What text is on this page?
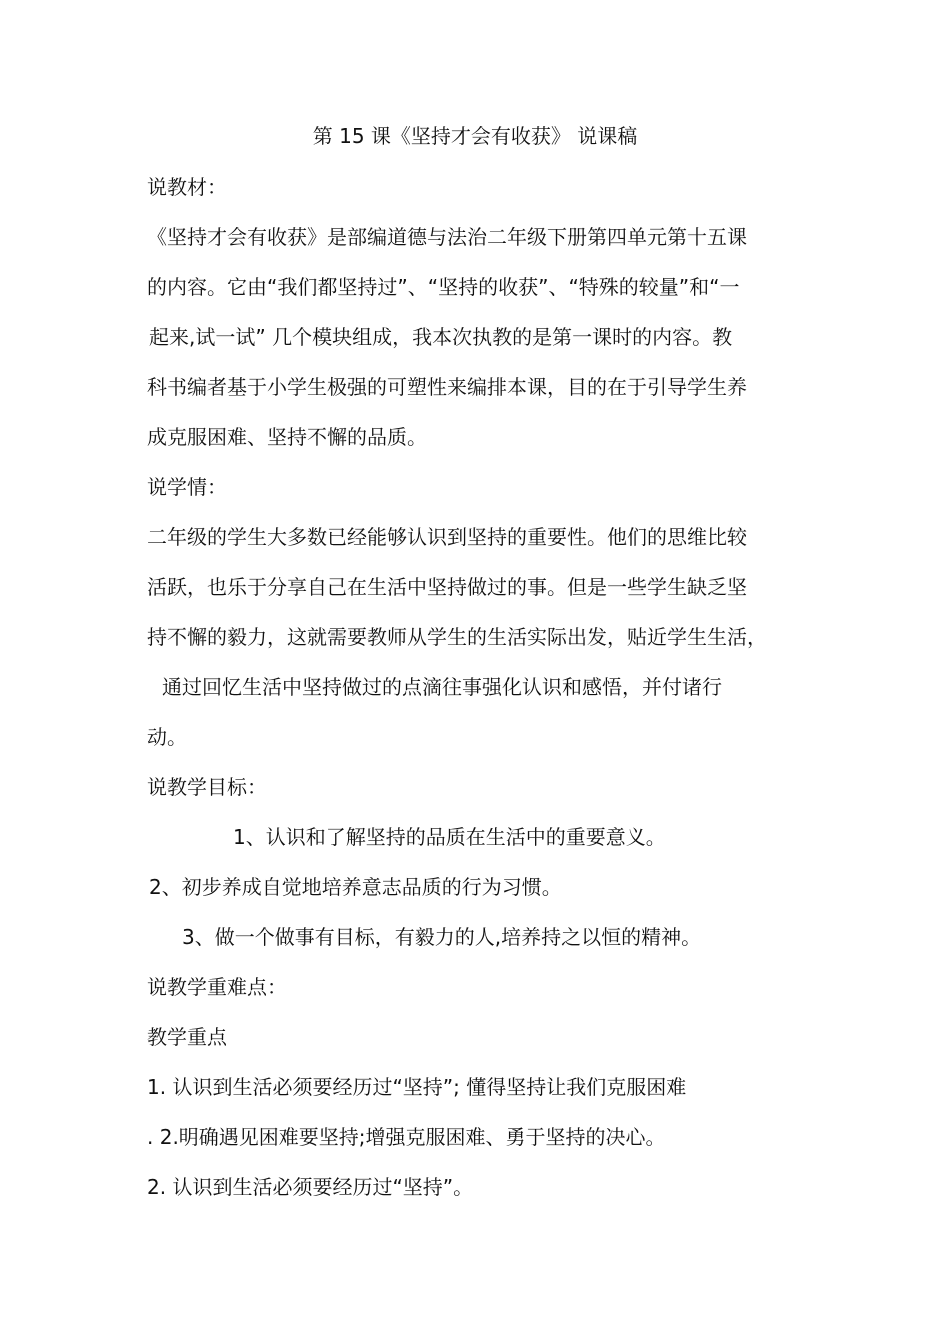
第 15 课《坚持才会有收获》 说课稿
说教材：
《坚持才会有收获》是部编道德与法治二年级下册第四单元第十五课
的内容。它由“我们都坚持过”、“坚持的收获”、“特殊的较量”和“一
起来,试一试” 几个模块组成，我本次执教的是第一课时的内容。教
科书编者基于小学生极强的可塑性来编排本课，目的在于引导学生养
成克服困难、坚持不懈的品质。
说学情：
二年级的学生大多数已经能够认识到坚持的重要性。他们的思维比较
活跃，也乐于分享自己在生活中坚持做过的事。但是一些学生缺乏坚
持不懈的毅力，这就需要教师从学生的生活实际出发，贴近学生生活，
通过回忆生活中坚持做过的点滴往事强化认识和感悟，并付诸行
动。
说教学目标：
1、认识和了解坚持的品质在生活中的重要意义。
2、初步养成自觉地培养意志品质的行为习惯。
3、做一个做事有目标，有毅力的人,培养持之以恒的精神。
说教学重难点：
教学重点
1. 认识到生活必须要经历过“坚持”; 懂得坚持让我们克服困难
. 2.明确遇见困难要坚持;增强克服困难、勇于坚持的决心。
2. 认识到生活必须要经历过“坚持”。
